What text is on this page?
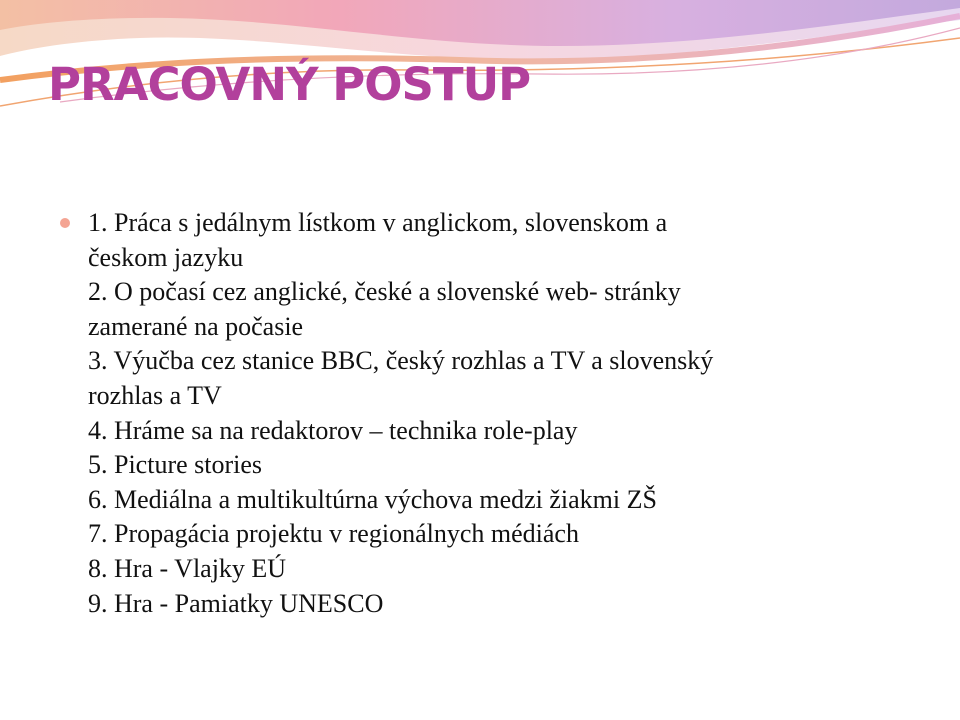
PRACOVNÝ POSTUP
1. Práca s jedálnym lístkom v anglickom, slovenskom a
českom jazyku
2. O počasí cez anglické, české a slovenské web- stránky
zamerané na počasie
3. Výučba cez stanice BBC, český rozhlas a TV a slovenský
rozhlas a TV
4. Hráme sa na redaktorov – technika role-play
5. Picture stories
6. Mediálna a multikultúrna výchova medzi žiakmi ZŠ
7. Propagácia projektu v regionálnych médiách
8. Hra - Vlajky EÚ
9. Hra - Pamiatky UNESCO
